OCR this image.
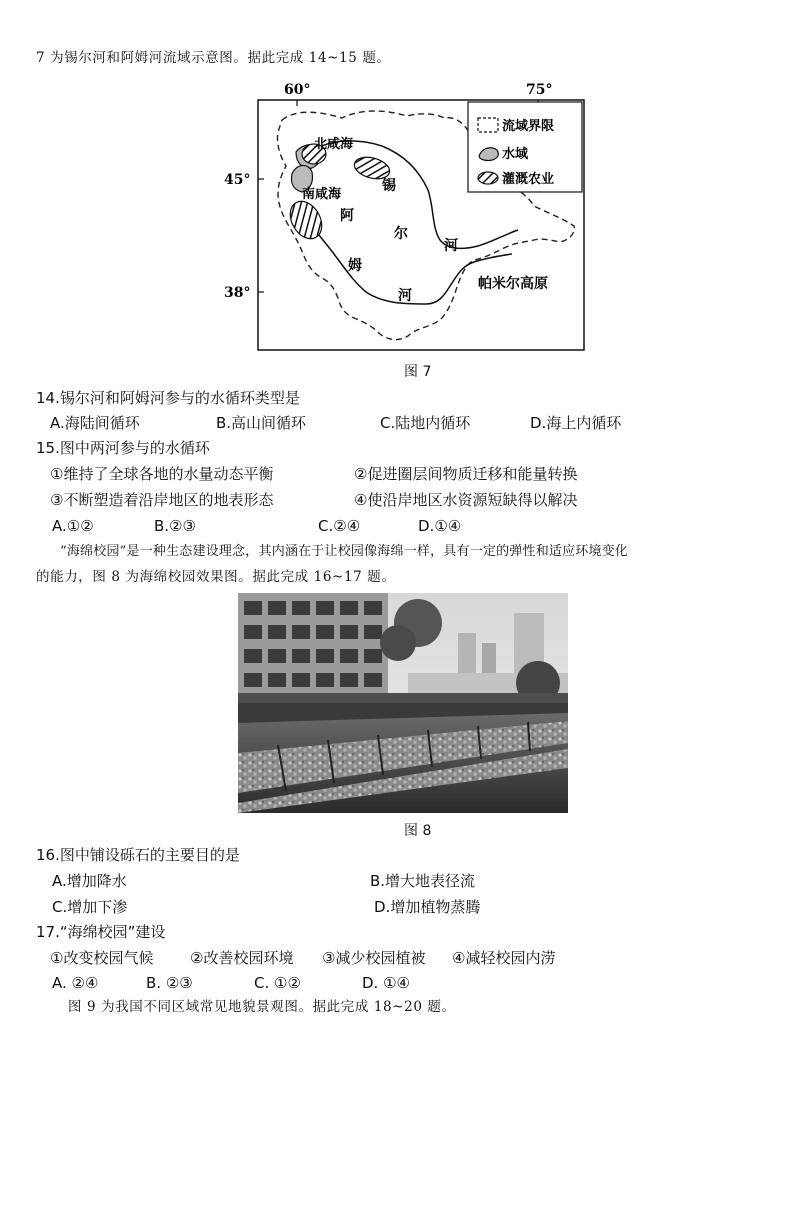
7 为锡尔河和阿姆河流域示意图。据此完成 14~15 题。
60°	75°
45°
38°
北咸海
南咸海
锡
尔
河
阿
姆
河
帕米尔高原
流域界限
水域
灌溉农业
图 7
14.锡尔河和阿姆河参与的水循环类型是
A.海陆间循环	B.高山间循环	C.陆地内循环	D.海上内循环
15.图中两河参与的水循环
①维持了全球各地的水量动态平衡	②促进圈层间物质迁移和能量转换
③不断塑造着沿岸地区的地表形态	④使沿岸地区水资源短缺得以解决
A.①②	B.②③	C.②④	D.①④
“海绵校园”是一种生态建设理念，其内涵在于让校园像海绵一样，具有一定的弹性和适应环境变化
的能力，图 8 为海绵校园效果图。据此完成 16~17 题。
图 8
16.图中铺设砾石的主要目的是
A.增加降水	B.增大地表径流
C.增加下渗	D.增加植物蒸腾
17.“海绵校园”建设
①改变校园气候 ②改善校园环境 ③减少校园植被 ④减轻校园内涝
A. ②④	B. ②③	C. ①②	D. ①④
图 9 为我国不同区域常见地貌景观图。据此完成 18~20 题。
